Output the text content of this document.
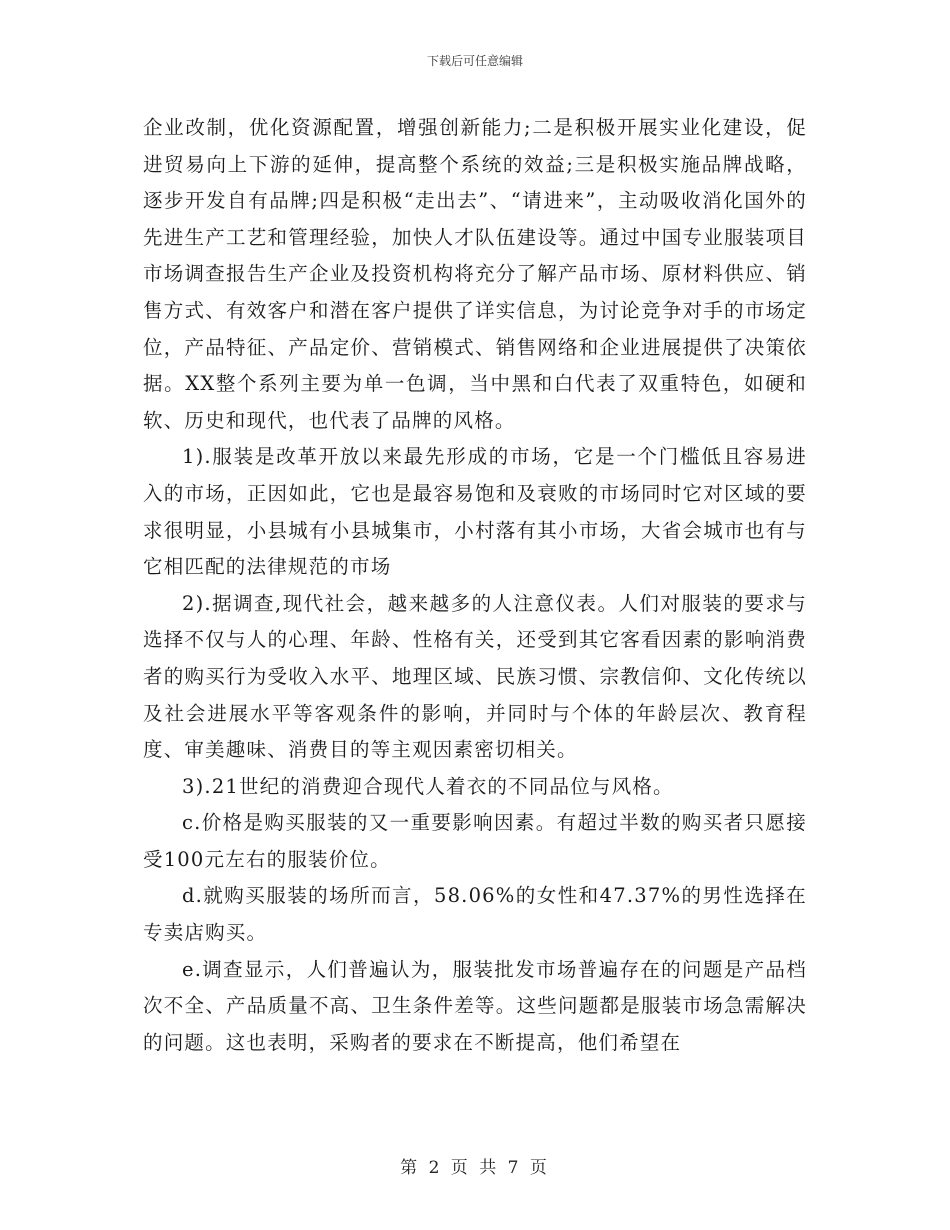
下载后可任意编辑

企业改制，优化资源配置，增强创新能力;二是积极开展实业化建设，促进贸易向上下游的延伸，提高整个系统的效益;三是积极实施品牌战略，逐步开发自有品牌;四是积极“走出去”、“请进来”，主动吸收消化国外的先进生产工艺和管理经验，加快人才队伍建设等。通过中国专业服装项目市场调查报告生产企业及投资机构将充分了解产品市场、原材料供应、销售方式、有效客户和潜在客户提供了详实信息，为讨论竞争对手的市场定位，产品特征、产品定价、营销模式、销售网络和企业进展提供了决策依据。XX整个系列主要为单一色调，当中黑和白代表了双重特色，如硬和软、历史和现代，也代表了品牌的风格。

1).服装是改革开放以来最先形成的市场，它是一个门槛低且容易进入的市场，正因如此，它也是最容易饱和及衰败的市场同时它对区域的要求很明显，小县城有小县城集市，小村落有其小市场，大省会城市也有与它相匹配的法律规范的市场

2).据调查,现代社会，越来越多的人注意仪表。人们对服装的要求与选择不仅与人的心理、年龄、性格有关，还受到其它客看因素的影响消费者的购买行为受收入水平、地理区域、民族习惯、宗教信仰、文化传统以及社会进展水平等客观条件的影响，并同时与个体的年龄层次、教育程度、审美趣味、消费目的等主观因素密切相关。

3).21世纪的消费迎合现代人着衣的不同品位与风格。

c.价格是购买服装的又一重要影响因素。有超过半数的购买者只愿接受100元左右的服装价位。

d.就购买服装的场所而言，58.06%的女性和47.37%的男性选择在专卖店购买。

e.调查显示，人们普遍认为，服装批发市场普遍存在的问题是产品档次不全、产品质量不高、卫生条件差等。这些问题都是服装市场急需解决的问题。这也表明，采购者的要求在不断提高，他们希望在

第 2 页 共 7 页
